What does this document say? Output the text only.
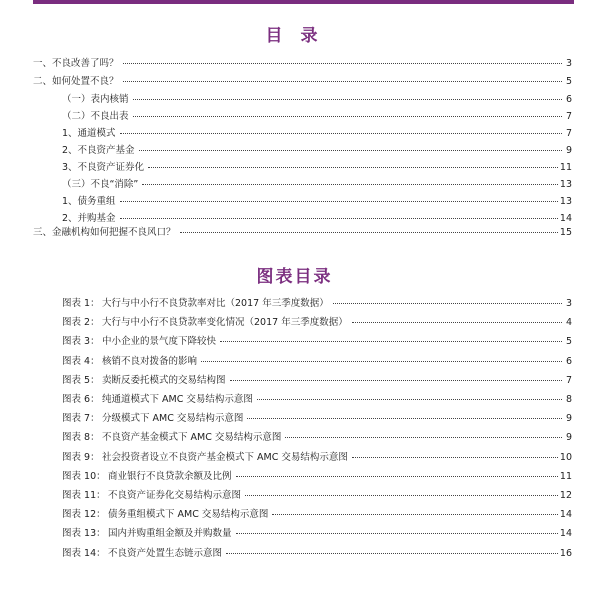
目 录
一、不良改善了吗？	3
二、如何处置不良？	5
（一）表内核销	6
（二）不良出表	7
1、通道模式	7
2、不良资产基金	9
3、不良资产证券化	11
（三）不良“消除”	13
1、债务重组	13
2、并购基金	14
三、金融机构如何把握不良风口？	15
图表目录
图表 1： 大行与中小行不良贷款率对比（2017 年三季度数据）	3
图表 2： 大行与中小行不良贷款率变化情况（2017 年三季度数据）	4
图表 3： 中小企业的景气度下降较快	5
图表 4： 核销不良对拨备的影响	6
图表 5： 卖断反委托模式的交易结构图	7
图表 6： 纯通道模式下 AMC 交易结构示意图	8
图表 7： 分级模式下 AMC 交易结构示意图	9
图表 8： 不良资产基金模式下 AMC 交易结构示意图	9
图表 9： 社会投资者设立不良资产基金模式下 AMC 交易结构示意图	10
图表 10： 商业银行不良贷款余额及比例	11
图表 11： 不良资产证券化交易结构示意图	12
图表 12： 债务重组模式下 AMC 交易结构示意图	14
图表 13： 国内并购重组金额及并购数量	14
图表 14： 不良资产处置生态链示意图	16
